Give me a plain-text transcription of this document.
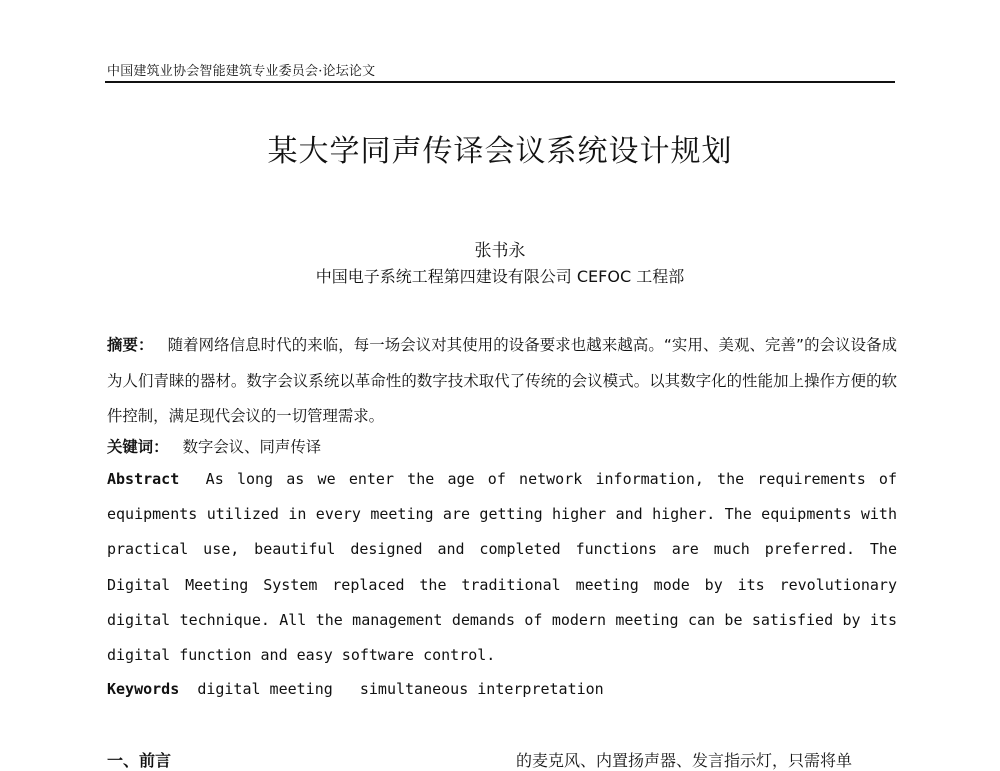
中国建筑业协会智能建筑专业委员会·论坛论文
某大学同声传译会议系统设计规划
张书永
中国电子系统工程第四建设有限公司 CEFOC 工程部
摘要： 随着网络信息时代的来临，每一场会议对其使用的设备要求也越来越高。“实用、美观、完善”的会议设备成为人们青睐的器材。数字会议系统以革命性的数字技术取代了传统的会议模式。以其数字化的性能加上操作方便的软件控制，满足现代会议的一切管理需求。
关键词： 数字会议、同声传译
Abstract As long as we enter the age of network information, the requirements of equipments utilized in every meeting are getting higher and higher. The equipments with practical use, beautiful designed and completed functions are much preferred. The Digital Meeting System replaced the traditional meeting mode by its revolutionary digital technique. All the management demands of modern meeting can be satisfied by its digital function and easy software control.
Keywords digital meeting   simultaneous interpretation
一、前言	的麦克风、内置扬声器、发言指示灯，只需将单
